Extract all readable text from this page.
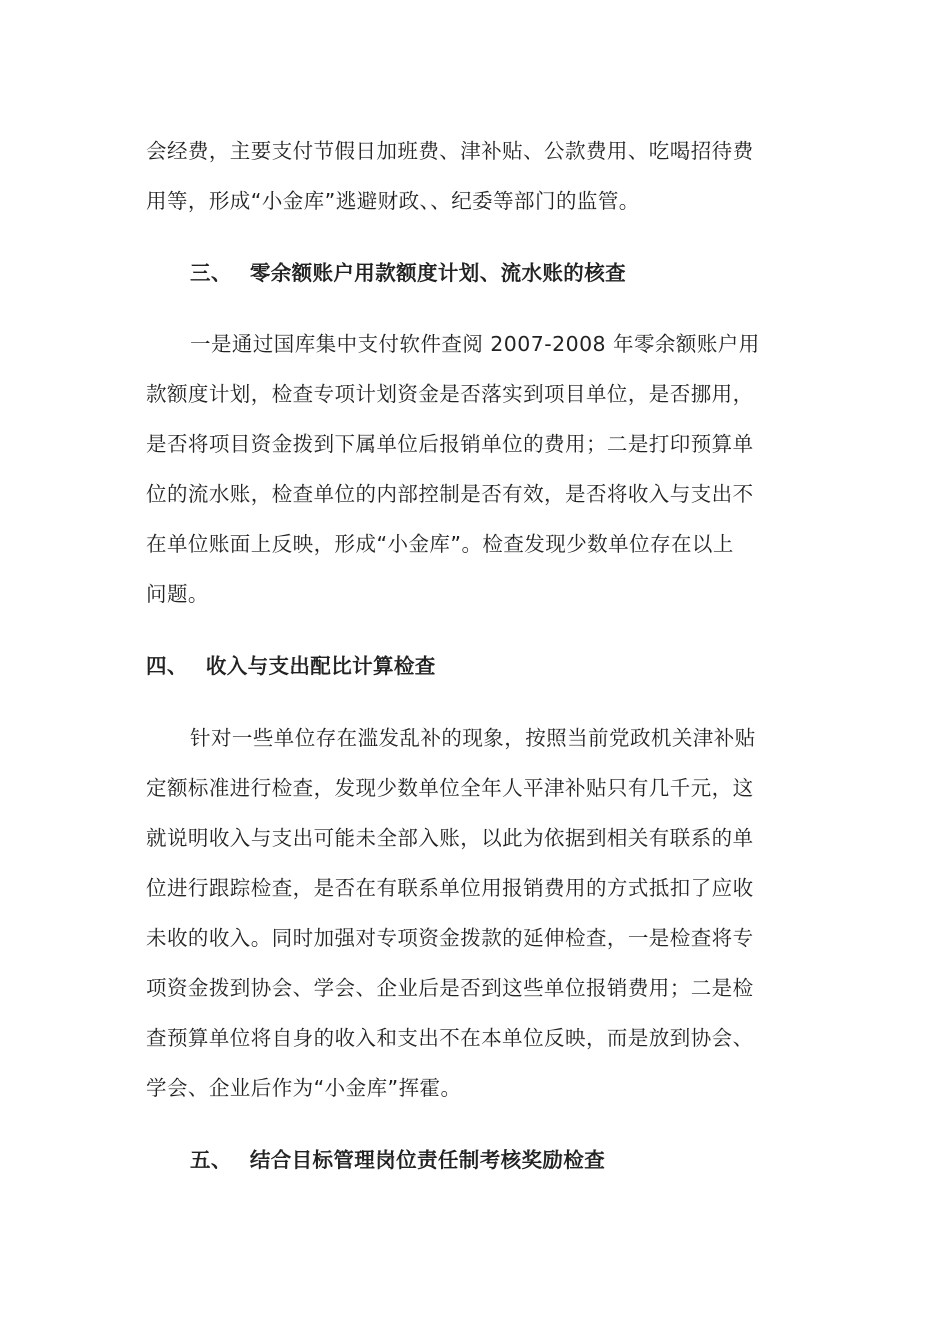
会经费，主要支付节假日加班费、津补贴、公款费用、吃喝招待费
用等，形成“小金库”逃避财政、、纪委等部门的监管。
三、 零余额账户用款额度计划、流水账的核查
一是通过国库集中支付软件查阅 2007-2008 年零余额账户用
款额度计划，检查专项计划资金是否落实到项目单位，是否挪用，
是否将项目资金拨到下属单位后报销单位的费用；二是打印预算单
位的流水账，检查单位的内部控制是否有效，是否将收入与支出不
在单位账面上反映，形成“小金库”。检查发现少数单位存在以上
问题。
四、 收入与支出配比计算检查
针对一些单位存在滥发乱补的现象，按照当前党政机关津补贴
定额标准进行检查，发现少数单位全年人平津补贴只有几千元，这
就说明收入与支出可能未全部入账，以此为依据到相关有联系的单
位进行跟踪检查，是否在有联系单位用报销费用的方式抵扣了应收
未收的收入。同时加强对专项资金拨款的延伸检查，一是检查将专
项资金拨到协会、学会、企业后是否到这些单位报销费用；二是检
查预算单位将自身的收入和支出不在本单位反映，而是放到协会、
学会、企业后作为“小金库”挥霍。
五、 结合目标管理岗位责任制考核奖励检查
